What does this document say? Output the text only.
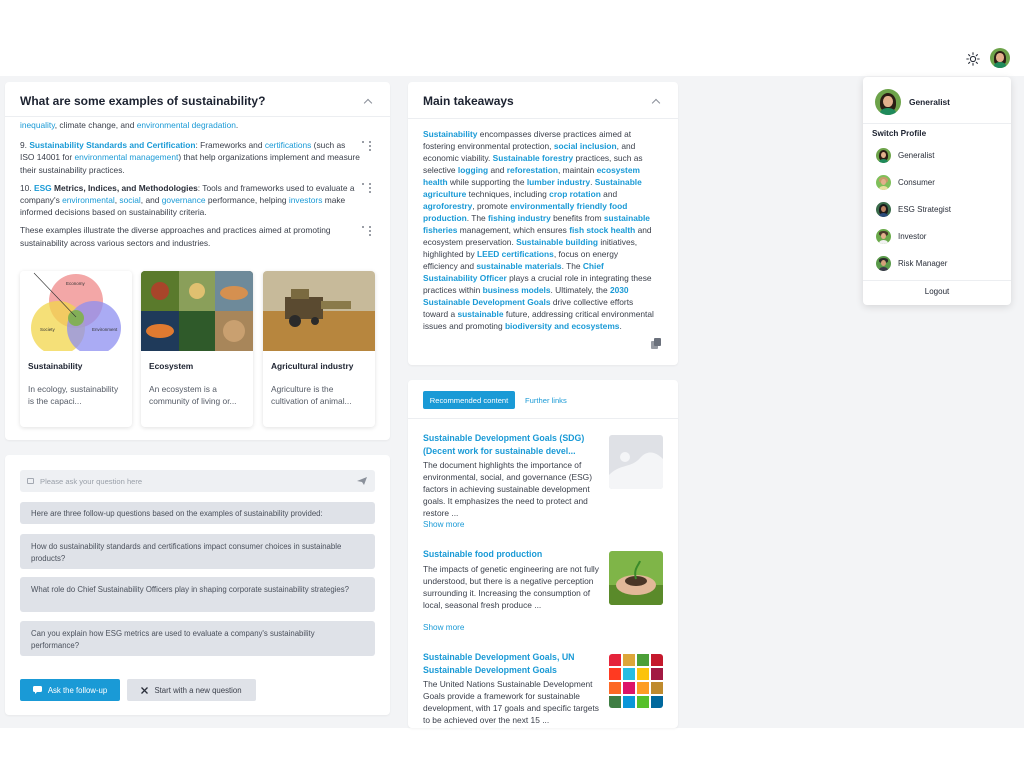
What are some examples of sustainability?

inequality, climate change, and environmental degradation.

9. Sustainability Standards and Certification: Frameworks and certifications (such as ISO 14001 for environmental management) that help organizations implement and measure their sustainability practices.

10. ESG Metrics, Indices, and Methodologies: Tools and frameworks used to evaluate a company's environmental, social, and governance performance, helping investors make informed decisions based on sustainability criteria.

These examples illustrate the diverse approaches and practices aimed at promoting sustainability across various sectors and industries.

Economy
Society	Environment
Sustainability
In ecology, sustainability is the capaci...
Ecosystem
An ecosystem is a community of living or...
Agricultural industry
Agriculture is the cultivation of animal...
Please ask your question here
Here are three follow-up questions based on the examples of sustainability provided:
How do sustainability standards and certifications impact consumer choices in sustainable products?
What role do Chief Sustainability Officers play in shaping corporate sustainability strategies?
Can you explain how ESG metrics are used to evaluate a company's sustainability performance?
Ask the follow-up	Start with a new question
Main takeaways
Sustainability encompasses diverse practices aimed at fostering environmental protection, social inclusion, and economic viability. Sustainable forestry practices, such as selective logging and reforestation, maintain ecosystem health while supporting the lumber industry. Sustainable agriculture techniques, including crop rotation and agroforestry, promote environmentally friendly food production. The fishing industry benefits from sustainable fisheries management, which ensures fish stock health and ecosystem preservation. Sustainable building initiatives, highlighted by LEED certifications, focus on energy efficiency and sustainable materials. The Chief Sustainability Officer plays a crucial role in integrating these practices within business models. Ultimately, the 2030 Sustainable Development Goals drive collective efforts toward a sustainable future, addressing critical environmental issues and promoting biodiversity and ecosystems.
Recommended content	Further links
Sustainable Development Goals (SDG) (Decent work for sustainable devel...
The document highlights the importance of environmental, social, and governance (ESG) factors in achieving sustainable development goals. It emphasizes the need to protect and restore ...
Show more
Sustainable food production
The impacts of genetic engineering are not fully understood, but there is a negative perception surrounding it. Increasing the consumption of local, seasonal fresh produce ...
Show more
Sustainable Development Goals, UN Sustainable Development Goals
The United Nations Sustainable Development Goals provide a framework for sustainable development, with 17 goals and specific targets to be achieved over the next 15 ...
Generalist
Switch Profile
Generalist
Consumer
ESG Strategist
Investor
Risk Manager
Logout
